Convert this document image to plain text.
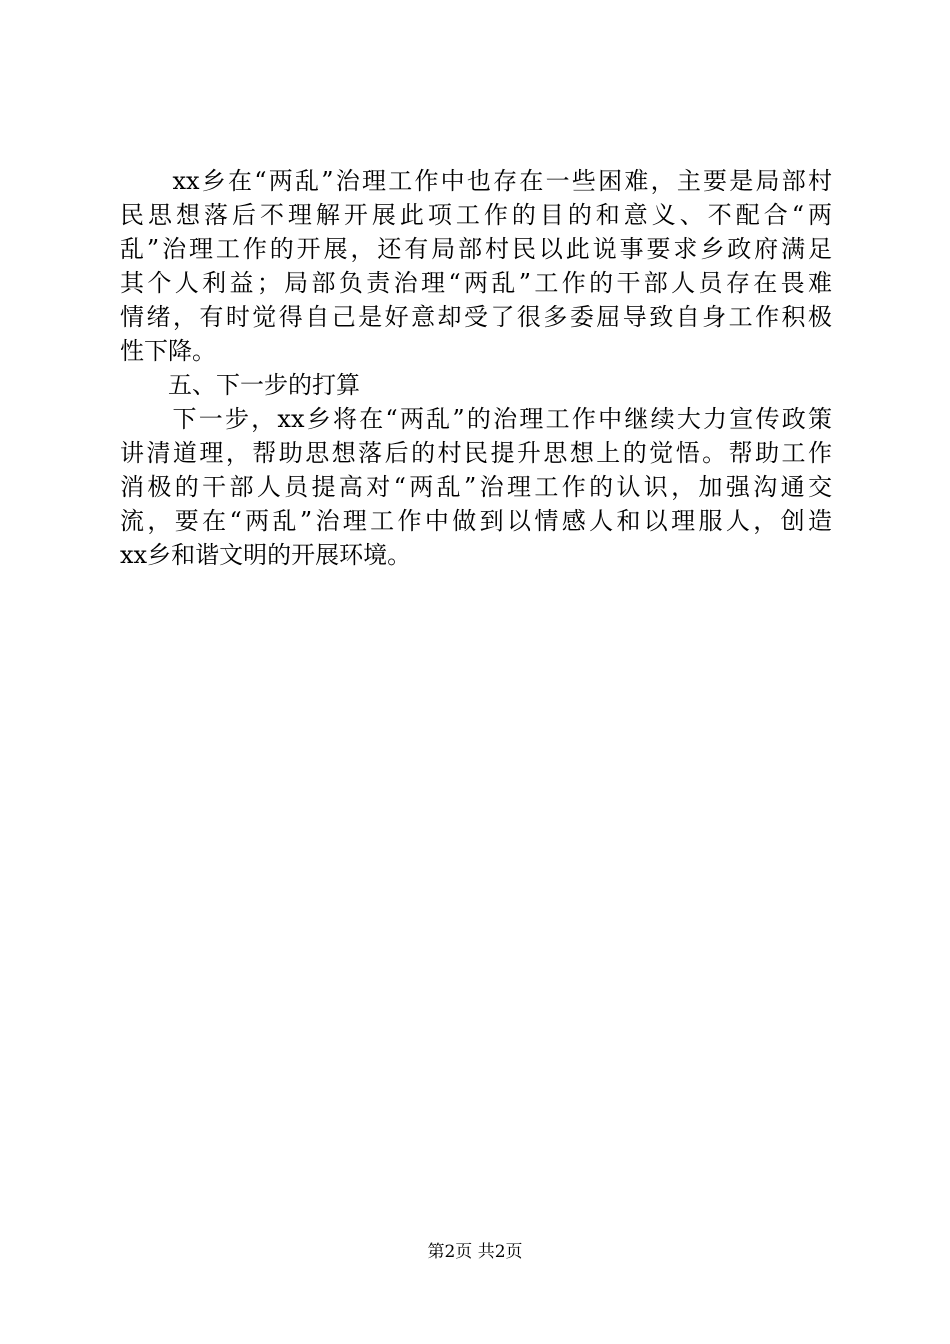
　　xx乡在“两乱”治理工作中也存在一些困难，主要是局部村
民思想落后不理解开展此项工作的目的和意义、不配合“两
乱”治理工作的开展，还有局部村民以此说事要求乡政府满足
其个人利益；局部负责治理“两乱”工作的干部人员存在畏难
情绪，有时觉得自己是好意却受了很多委屈导致自身工作积极
性下降。
　　五、下一步的打算
　　下一步，xx乡将在“两乱”的治理工作中继续大力宣传政策
讲清道理，帮助思想落后的村民提升思想上的觉悟。帮助工作
消极的干部人员提高对“两乱”治理工作的认识，加强沟通交
流，要在“两乱”治理工作中做到以情感人和以理服人，创造
xx乡和谐文明的开展环境。
第2页 共2页
